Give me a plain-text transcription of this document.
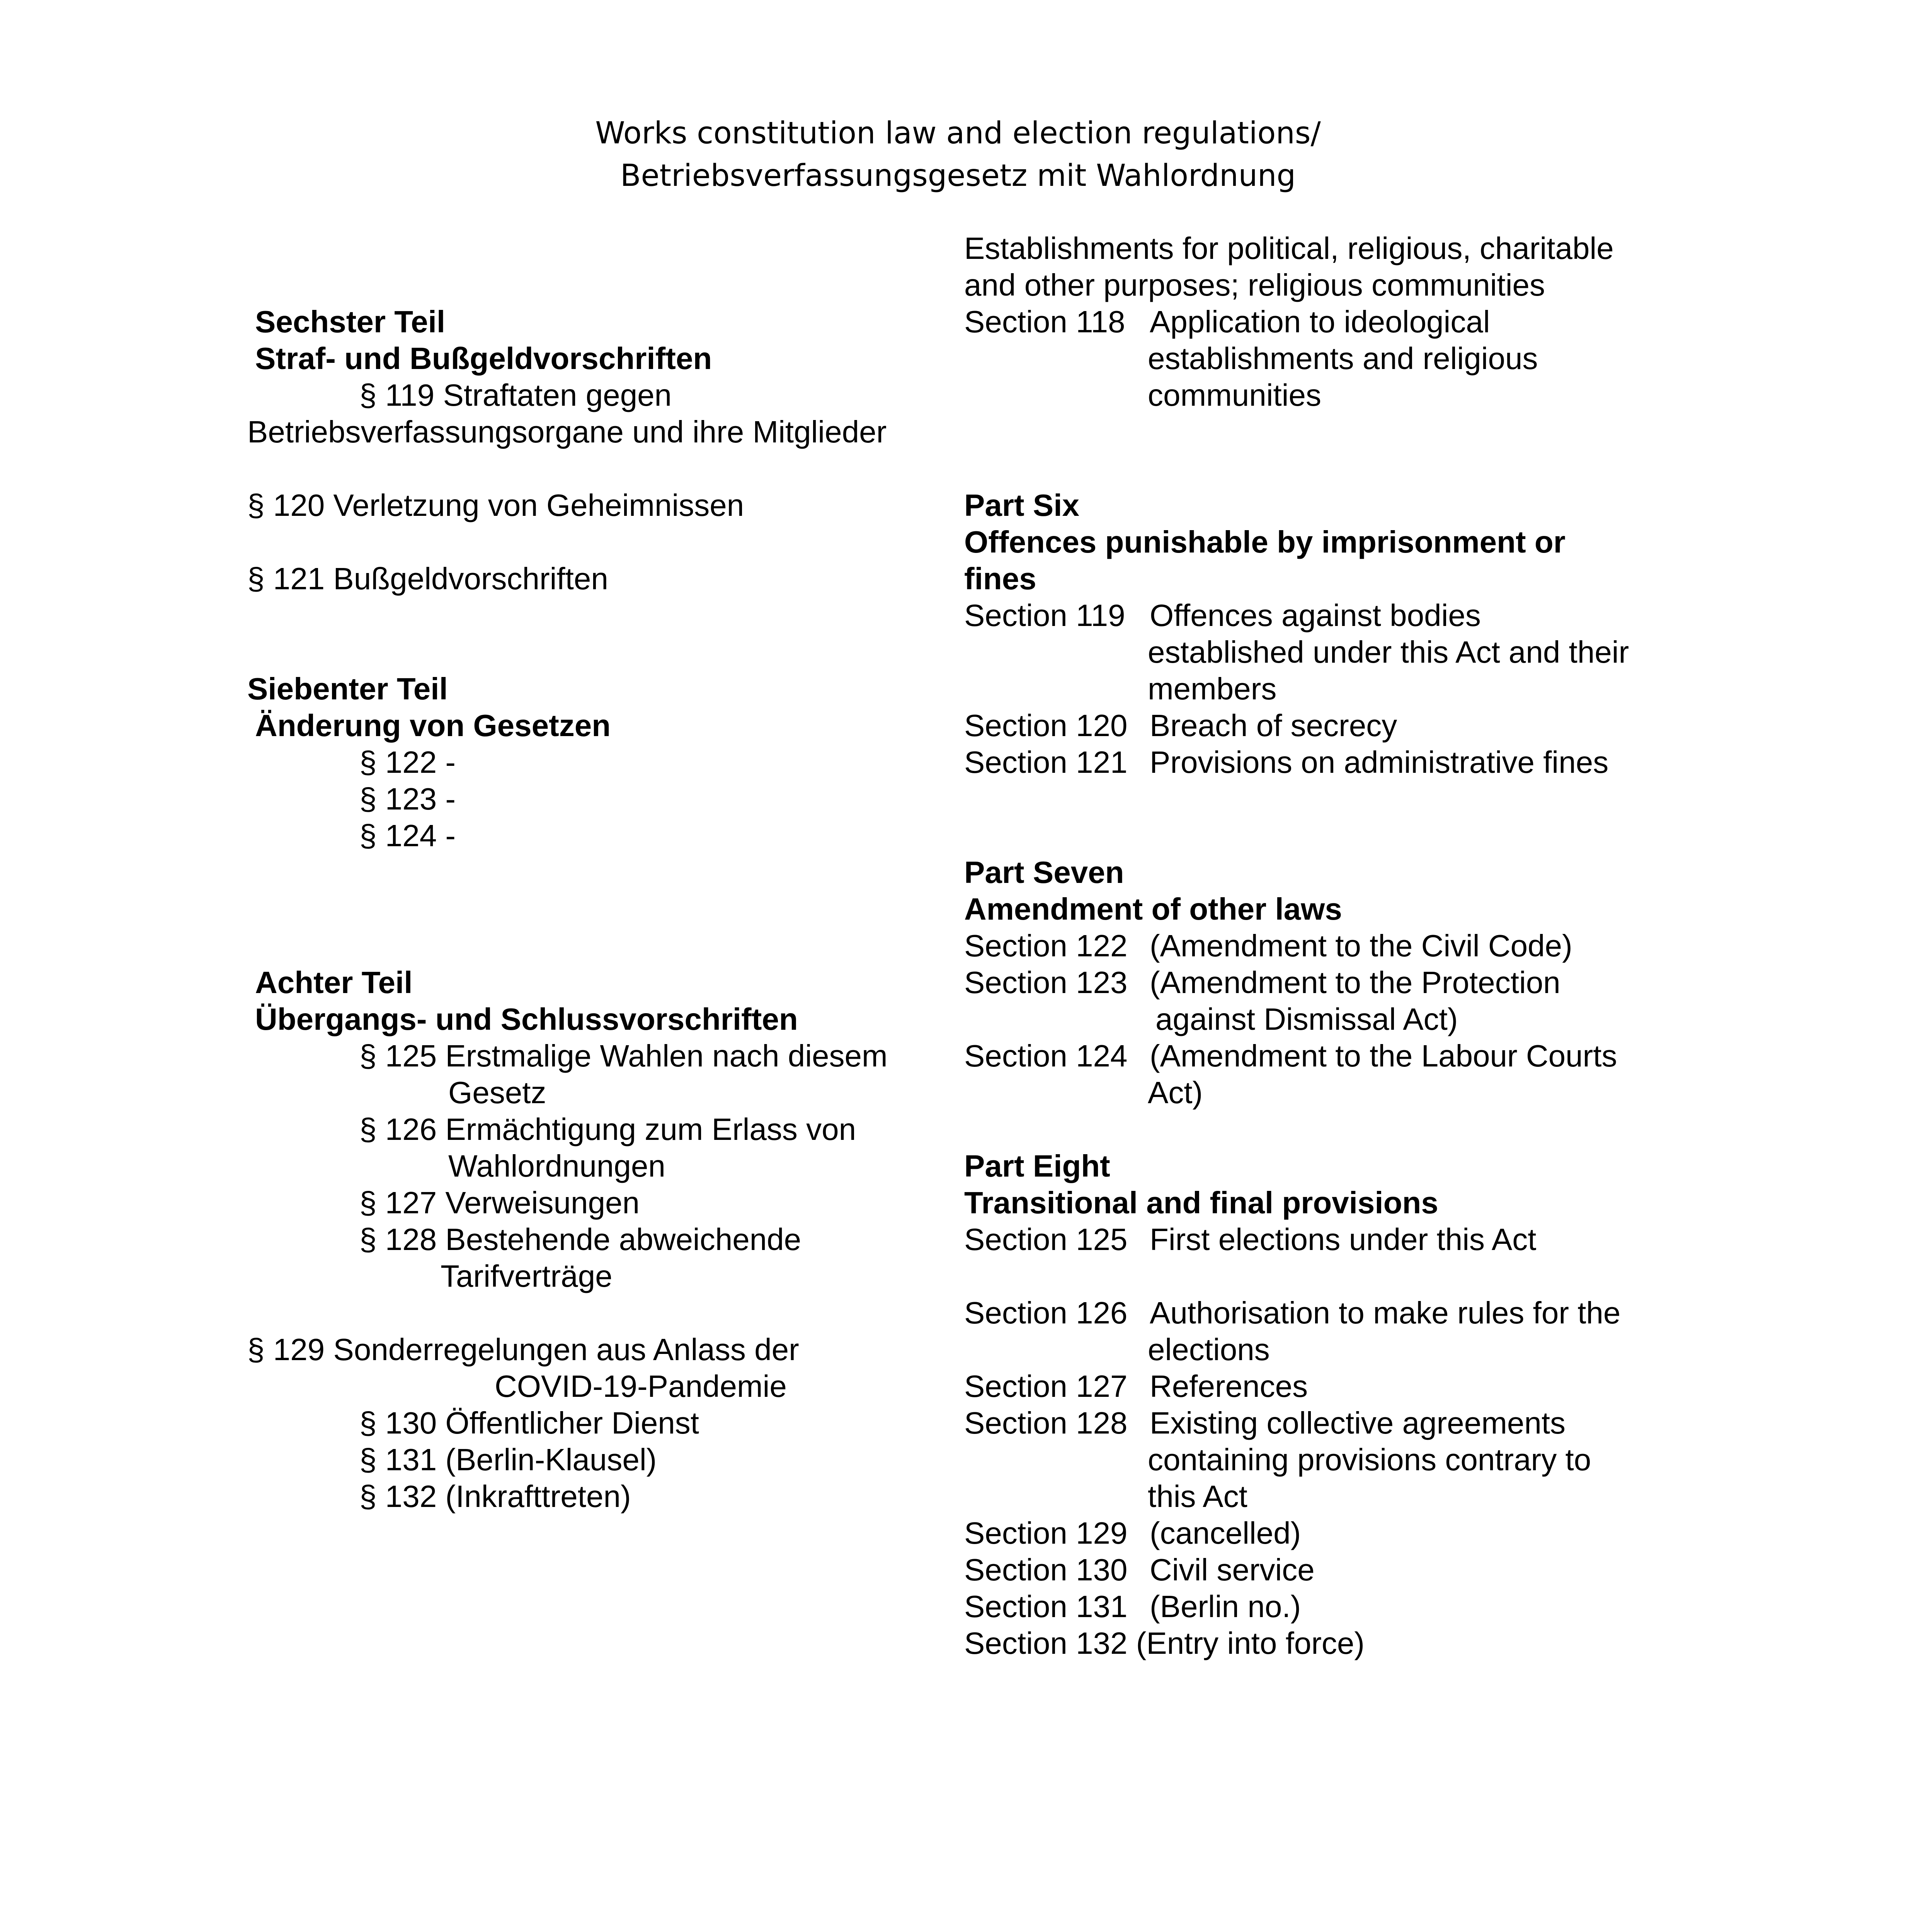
Works constitution law and election regulations/
Betriebsverfassungsgesetz mit Wahlordnung
Sechster Teil
Straf- und Bußgeldvorschriften
§ 119 Straftaten gegen
Betriebsverfassungsorgane und ihre Mitglieder
§ 120 Verletzung von Geheimnissen
§ 121 Bußgeldvorschriften
Siebenter Teil
Änderung von Gesetzen
§ 122 -
§ 123 -
§ 124 -
Achter Teil
Übergangs- und Schlussvorschriften
§ 125 Erstmalige Wahlen nach diesem
Gesetz
§ 126 Ermächtigung zum Erlass von
Wahlordnungen
§ 127 Verweisungen
§ 128 Bestehende abweichende
Tarifverträge
§ 129 Sonderregelungen aus Anlass der
COVID-19-Pandemie
§ 130 Öffentlicher Dienst
§ 131 (Berlin-Klausel)
§ 132 (Inkrafttreten)
Establishments for political, religious, charitable
and other purposes; religious communities
Section 118 Application to ideological
establishments and religious
communities
Part Six
Offences punishable by imprisonment or
fines
Section 119 Offences against bodies
established under this Act and their
members
Section 120 Breach of secrecy
Section 121 Provisions on administrative fines
Part Seven
Amendment of other laws
Section 122 (Amendment to the Civil Code)
Section 123 (Amendment to the Protection
against Dismissal Act)
Section 124 (Amendment to the Labour Courts
Act)
Part Eight
Transitional and final provisions
Section 125 First elections under this Act
Section 126 Authorisation to make rules for the
elections
Section 127 References
Section 128 Existing collective agreements
containing provisions contrary to
this Act
Section 129 (cancelled)
Section 130 Civil service
Section 131 (Berlin no.)
Section 132 (Entry into force)
